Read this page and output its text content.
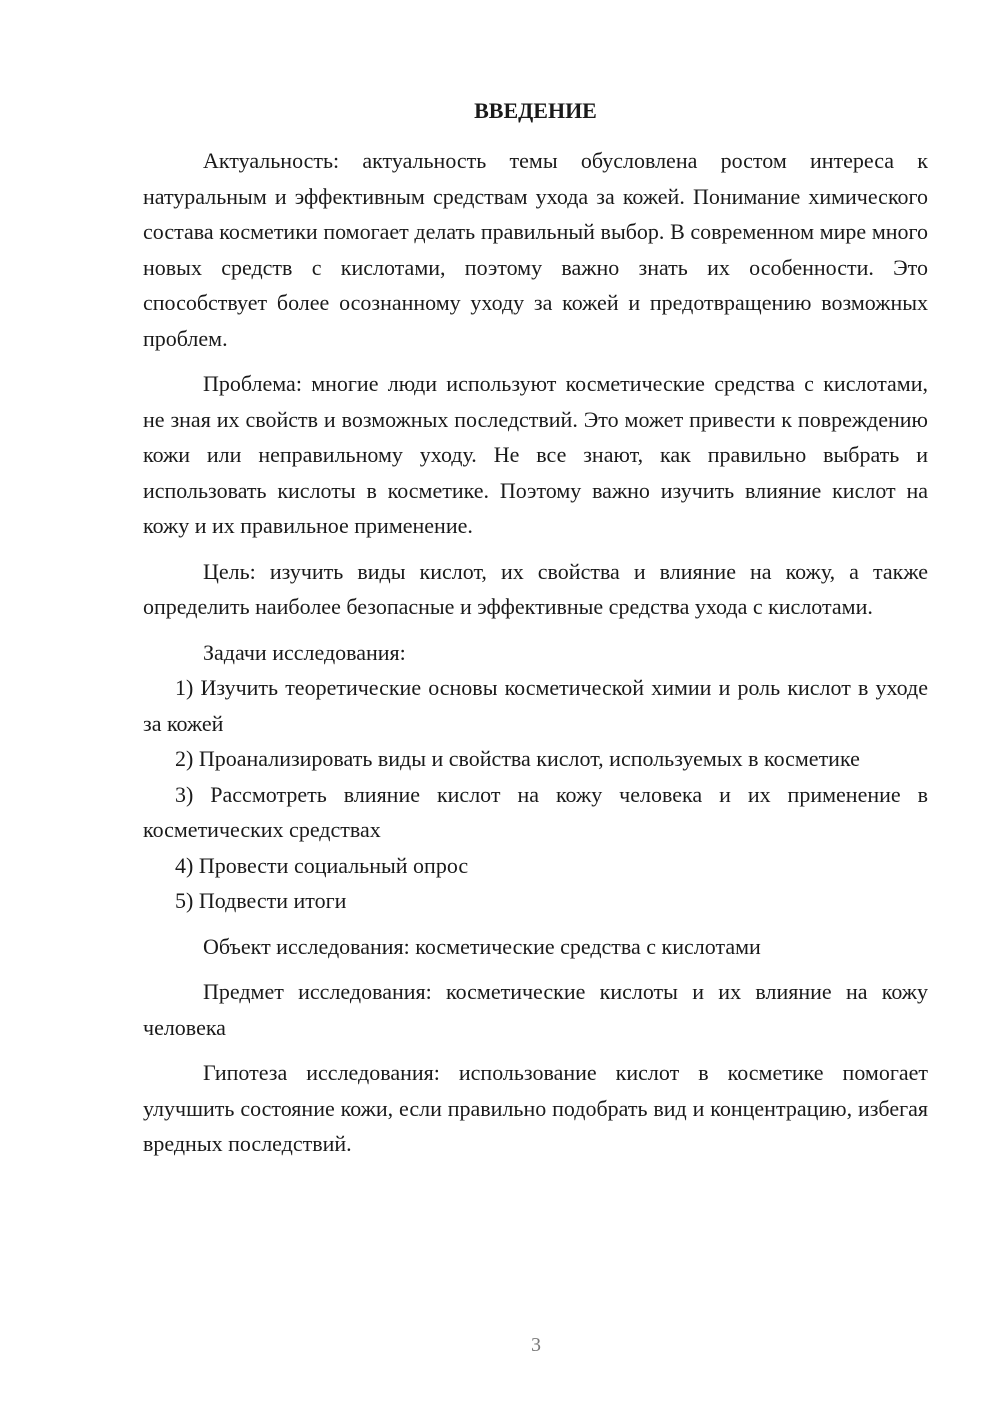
ВВЕДЕНИЕ

Актуальность: актуальность темы обусловлена ростом интереса к натуральным и эффективным средствам ухода за кожей. Понимание химического состава косметики помогает делать правильный выбор. В современном мире много новых средств с кислотами, поэтому важно знать их особенности. Это способствует более осознанному уходу за кожей и предотвращению возможных проблем.

Проблема: многие люди используют косметические средства с кислотами, не зная их свойств и возможных последствий. Это может привести к повреждению кожи или неправильному уходу. Не все знают, как правильно выбрать и использовать кислоты в косметике. Поэтому важно изучить влияние кислот на кожу и их правильное применение.

Цель: изучить виды кислот, их свойства и влияние на кожу, а также определить наиболее безопасные и эффективные средства ухода с кислотами.

Задачи исследования:

1) Изучить теоретические основы косметической химии и роль кислот в уходе за кожей

2) Проанализировать виды и свойства кислот, используемых в косметике

3) Рассмотреть влияние кислот на кожу человека и их применение в косметических средствах

4) Провести социальный опрос

5) Подвести итоги

Объект исследования: косметические средства с кислотами

Предмет исследования: косметические кислоты и их влияние на кожу человека

Гипотеза исследования: использование кислот в косметике помогает улучшить состояние кожи, если правильно подобрать вид и концентрацию, избегая вредных последствий.

3
